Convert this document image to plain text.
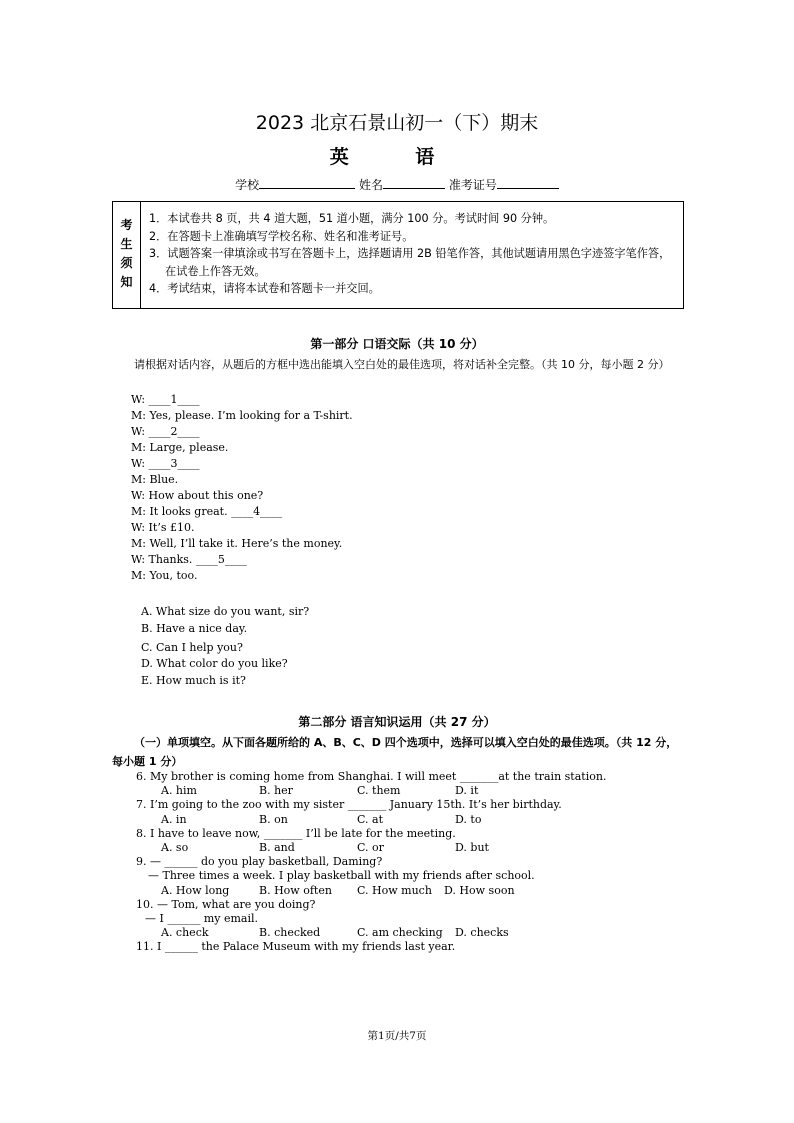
2023 北京石景山初一（下）期末
英 语
学校	姓名	准考证号
考
生
须
知
1．本试卷共 8 页，共 4 道大题，51 道小题，满分 100 分。考试时间 90 分钟。
2．在答题卡上准确填写学校名称、姓名和准考证号。
3．试题答案一律填涂或书写在答题卡上，选择题请用 2B 铅笔作答，其他试题请用黑色字迹签字笔作答，在试卷上作答无效。
4．考试结束，请将本试卷和答题卡一并交回。
第一部分 口语交际（共 10 分）
请根据对话内容，从题后的方框中选出能填入空白处的最佳选项，将对话补全完整。（共 10 分，每小题 2 分）
W: ____1____
M: Yes, please. I’m looking for a T-shirt.
W: ____2____
M: Large, please.
W: ____3____
M: Blue.
W: How about this one?
M: It looks great. ____4____
W: It’s £10.
M: Well, I’ll take it. Here’s the money.
W: Thanks. ____5____
M: You, too.
A. What size do you want, sir?
B. Have a nice day.
C. Can I help you?
D. What color do you like?
E. How much is it?
第二部分 语言知识运用（共 27 分）
（一）单项填空。从下面各题所给的 A、B、C、D 四个选项中，选择可以填入空白处的最佳选项。（共 12 分，每小题 1 分）
6. My brother is coming home from Shanghai. I will meet _______at the train station.
A. him	B. her	C. them	D. it
7. I’m going to the zoo with my sister _______ January 15th. It’s her birthday.
A. in	B. on	C. at	D. to
8. I have to leave now, _______ I’ll be late for the meeting.
A. so	B. and	C. or	D. but
9. — ______ do you play basketball, Daming?
— Three times a week. I play basketball with my friends after school.
A. How long	B. How often C. How much D. How soon
10. — Tom, what are you doing?
— I ______ my email.
A. check	B. checked	C. am checking D. checks
11. I ______ the Palace Museum with my friends last year.
第1页/共7页
